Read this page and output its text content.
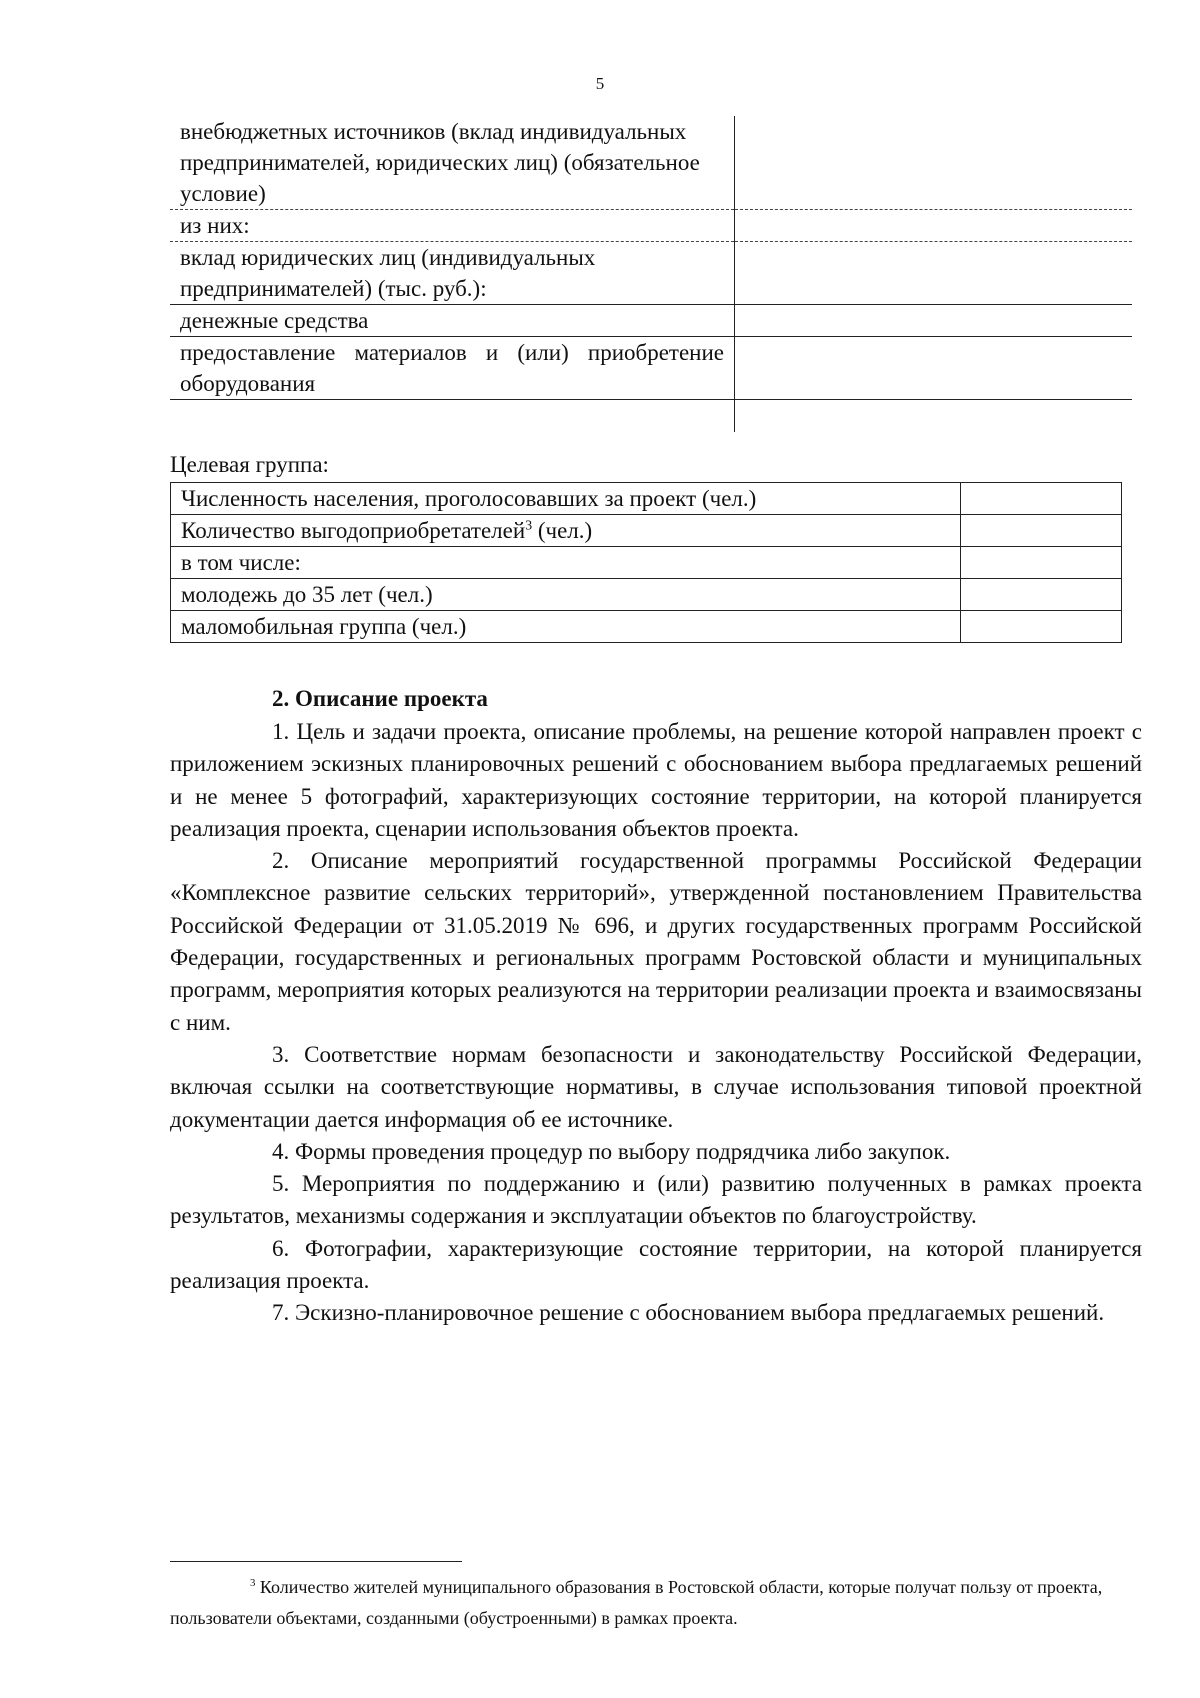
5
внебюджетных источников (вклад индивидуальных предпринимателей, юридических лиц) (обязательное условие)	
из них:	
вклад юридических лиц (индивидуальных предпринимателей) (тыс. руб.):	
денежные средства	
предоставление материалов и (или) приобретение оборудования	

Целевая группа:
Численность населения, проголосовавших за проект (чел.)	
Количество выгодоприобретателей$^3$ (чел.)	
в том числе:	
молодежь до 35 лет (чел.)	
маломобильная группа (чел.)	
2. Описание проекта

1. Цель и задачи проекта, описание проблемы, на решение которой направлен проект с приложением эскизных планировочных решений с обоснованием выбора предлагаемых решений и не менее 5 фотографий, характеризующих состояние территории, на которой планируется реализация проекта, сценарии использования объектов проекта.

2. Описание мероприятий государственной программы Российской Федерации «Комплексное развитие сельских территорий», утвержденной постановлением Правительства Российской Федерации от 31.05.2019 № 696, и других государственных программ Российской Федерации, государственных и региональных программ Ростовской области и муниципальных программ, мероприятия которых реализуются на территории реализации проекта и взаимосвязаны с ним.

3. Соответствие нормам безопасности и законодательству Российской Федерации, включая ссылки на соответствующие нормативы, в случае использования типовой проектной документации дается информация об ее источнике.

4. Формы проведения процедур по выбору подрядчика либо закупок.

5. Мероприятия по поддержанию и (или) развитию полученных в рамках проекта результатов, механизмы содержания и эксплуатации объектов по благоустройству.

6. Фотографии, характеризующие состояние территории, на которой планируется реализация проекта.

7. Эскизно-планировочное решение с обоснованием выбора предлагаемых решений.

$^3$ Количество жителей муниципального образования в Ростовской области, которые получат пользу от проекта, пользователи объектами, созданными (обустроенными) в рамках проекта.
